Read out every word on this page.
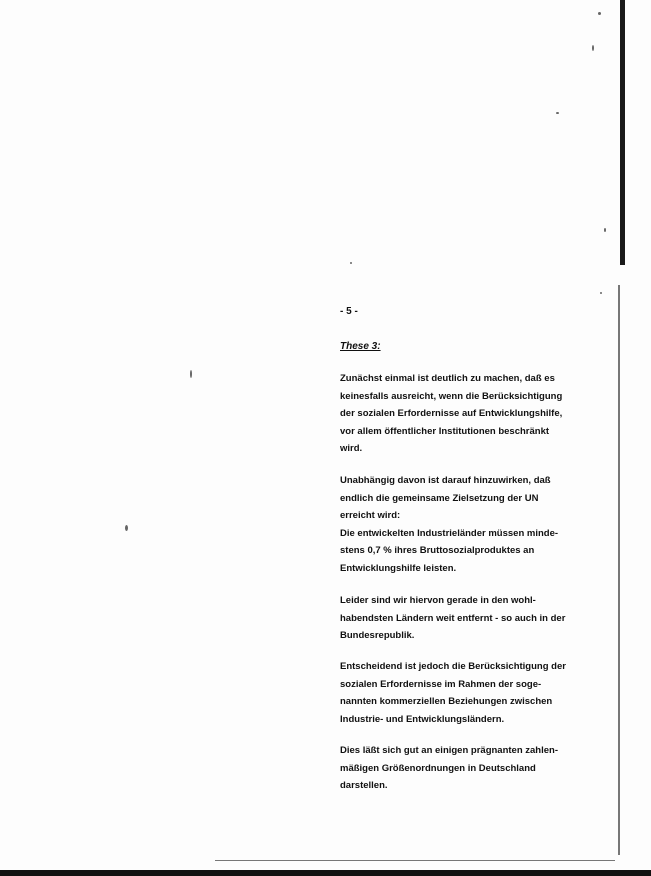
- 5 -
These 3:
Zunächst einmal ist deutlich zu machen, daß es
keinesfalls ausreicht, wenn die Berücksichtigung
der sozialen Erfordernisse auf Entwicklungshilfe,
vor allem öffentlicher Institutionen beschränkt
wird.
Unabhängig davon ist darauf hinzuwirken, daß
endlich die gemeinsame Zielsetzung der UN
erreicht wird:
Die entwickelten Industrieländer müssen minde-
stens 0,7 % ihres Bruttosozialproduktes an
Entwicklungshilfe leisten.
Leider sind wir hiervon gerade in den wohl-
habendsten Ländern weit entfernt - so auch in der
Bundesrepublik.
Entscheidend ist jedoch die Berücksichtigung der
sozialen Erfordernisse im Rahmen der soge-
nannten kommerziellen Beziehungen zwischen
Industrie- und Entwicklungsländern.
Dies läßt sich gut an einigen prägnanten zahlen-
mäßigen Größenordnungen in Deutschland
darstellen.
